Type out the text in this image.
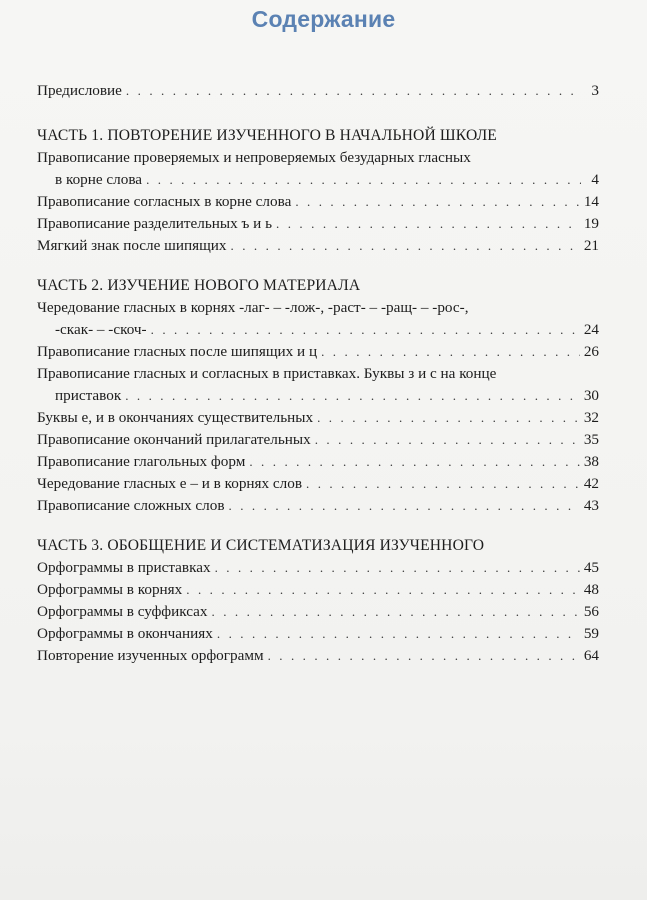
Содержание
Предисловие . . .	3
ЧАСТЬ 1. ПОВТОРЕНИЕ ИЗУЧЕННОГО В НАЧАЛЬНОЙ ШКОЛЕ
Правописание проверяемых и непроверяемых безударных гласных
в корне слова . . .	4
Правописание согласных в корне слова . . .	14
Правописание разделительных ъ и ь . . .	19
Мягкий знак после шипящих . . .	21
ЧАСТЬ 2. ИЗУЧЕНИЕ НОВОГО МАТЕРИАЛА
Чередование гласных в корнях -лаг- – -лож-, -раст- – -ращ- – -рос-,
-скак- – -скоч- . . .	24
Правописание гласных после шипящих и ц . . .	26
Правописание гласных и согласных в приставках. Буквы з и с на конце
приставок . . .	30
Буквы е, и в окончаниях существительных . . .	32
Правописание окончаний прилагательных . . .	35
Правописание глагольных форм . . .	38
Чередование гласных е – и в корнях слов . . .	42
Правописание сложных слов . . .	43
ЧАСТЬ 3. ОБОБЩЕНИЕ И СИСТЕМАТИЗАЦИЯ ИЗУЧЕННОГО
Орфограммы в приставках . . .	45
Орфограммы в корнях . . .	48
Орфограммы в суффиксах . . .	56
Орфограммы в окончаниях . . .	59
Повторение изученных орфограмм . . .	64
